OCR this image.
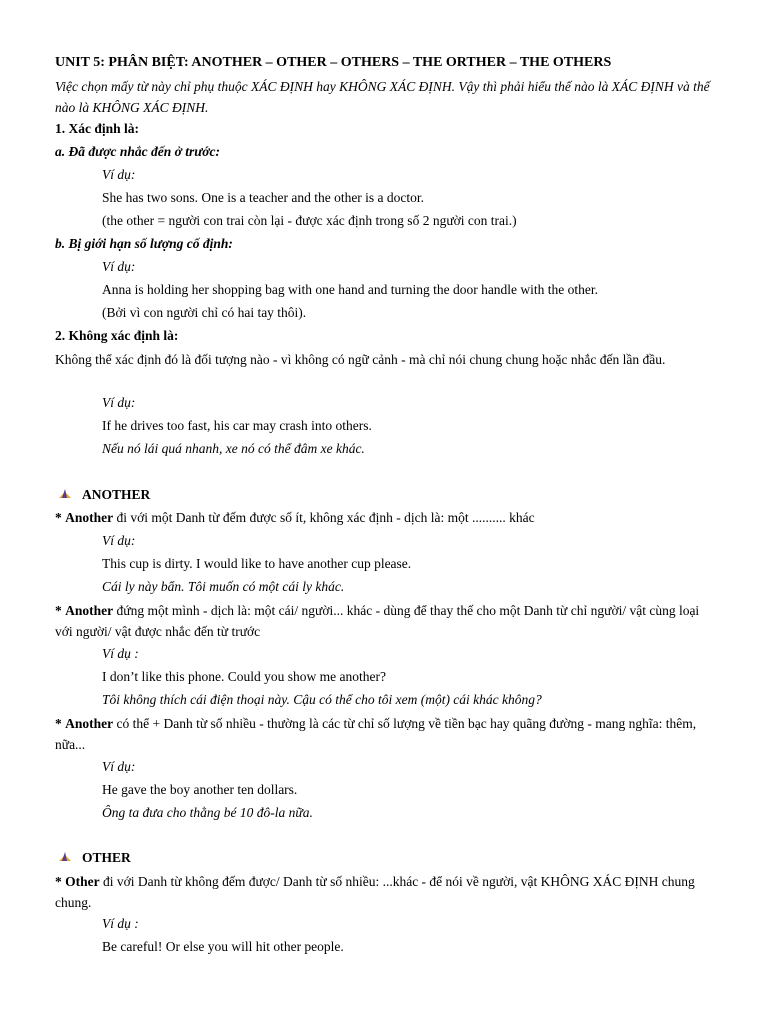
UNIT 5: PHÂN BIỆT: ANOTHER – OTHER – OTHERS – THE ORTHER – THE OTHERS
Việc chọn mấy từ này chỉ phụ thuộc XÁC ĐỊNH hay KHÔNG XÁC ĐỊNH. Vậy thì phải hiểu thế nào là XÁC ĐỊNH và thế nào là KHÔNG XÁC ĐỊNH.
1. Xác định là:
a. Đã được nhắc đến ở trước:
Ví dụ:
She has two sons. One is a teacher and the other is a doctor.
(the other = người con trai còn lại - được xác định trong số 2 người con trai.)
b. Bị giới hạn số lượng cố định:
Ví dụ:
Anna is holding her shopping bag with one hand and turning the door handle with the other.
(Bởi vì con người chỉ có hai tay thôi).
2. Không xác định là:
Không thể xác định đó là đối tượng nào - vì không có ngữ cảnh - mà chỉ nói chung chung hoặc nhắc đến lần đầu.
Ví dụ:
If he drives too fast, his car may crash into others.
Nếu nó lái quá nhanh, xe nó có thể đâm xe khác.
ANOTHER
* Another đi với một Danh từ đếm được số ít, không xác định - dịch là: một .......... khác
Ví dụ:
This cup is dirty. I would like to have another cup please.
Cái ly này bẩn. Tôi muốn có một cái ly khác.
* Another đứng một mình - dịch là: một cái/ người... khác - dùng để thay thế cho một Danh từ chỉ người/ vật cùng loại với người/ vật được nhắc đến từ trước
Ví dụ :
I don’t like this phone. Could you show me another?
Tôi không thích cái điện thoại này. Cậu có thể cho tôi xem (một) cái khác không?
* Another có thể + Danh từ số nhiều - thường là các từ chỉ số lượng về tiền bạc hay quãng đường - mang nghĩa: thêm, nữa...
Ví dụ:
He gave the boy another ten dollars.
Ông ta đưa cho thằng bé 10 đô-la nữa.
OTHER
* Other đi với Danh từ không đếm được/ Danh từ số nhiều: ...khác - để nói về người, vật KHÔNG XÁC ĐỊNH chung chung.
Ví dụ :
Be careful! Or else you will hit other people.
